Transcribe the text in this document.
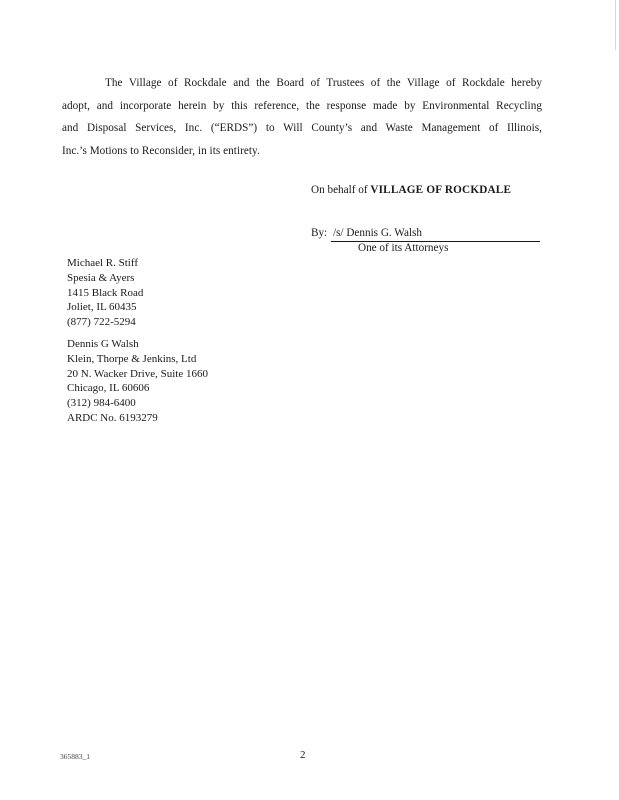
The Village of Rockdale and the Board of Trustees of the Village of Rockdale hereby
adopt, and incorporate herein by this reference, the response made by Environmental Recycling
and Disposal Services, Inc. (“ERDS”) to Will County’s and Waste Management of Illinois,
Inc.’s Motions to Reconsider, in its entirety.
On behalf of VILLAGE OF ROCKDALE
By: /s/ Dennis G. Walsh
One of its Attorneys
Michael R. Stiff
Spesia & Ayers
1415 Black Road
Joliet, IL 60435
(877) 722-5294
Dennis G Walsh
Klein, Thorpe & Jenkins, Ltd
20 N. Wacker Drive, Suite 1660
Chicago, IL 60606
(312) 984-6400
ARDC No. 6193279
365883_1	2
